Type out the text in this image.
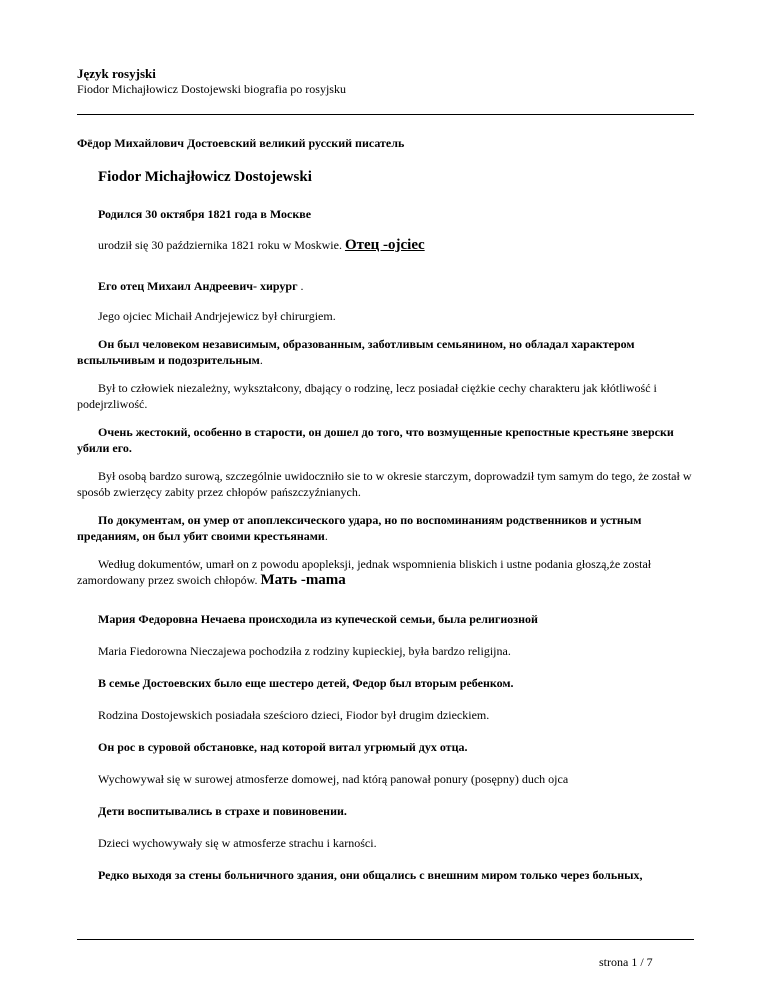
Język rosyjski
Fiodor Michajłowicz Dostojewski biografia po rosyjsku

Фёдор Михайлович Достоевский великий русский писатель

Fiodor Michajłowicz Dostojewski

Родился 30 октября 1821 года в Москве

urodził się 30 października 1821 roku w Moskwie. Отец -ojciec

Его отец Михаил Андреевич- хирург .

Jego ojciec Michaił Andrjejewicz był chirurgiem.

Он был человеком независимым, образованным, заботливым семьянином, но обладал характером вспыльчивым и подозрительным.

Był to człowiek niezależny, wykształcony, dbający o rodzinę, lecz posiadał ciężkie cechy charakteru jak kłótliwość i podejrzliwość.

Очень жестокий, особенно в старости, он дошел до того, что возмущенные крепостные крестьяне зверски убили его.

Był osobą bardzo surową, szczególnie uwidoczniło sie to w okresie starczym, doprowadził tym samym do tego, że został w sposób zwierzęcy zabity przez chłopów pańszczyźnianych.

По документам, он умер от апоплексического удара, но по воспоминаниям родственников и устным преданиям, он был убит своими крестьянами.

Według dokumentów, umarł on z powodu apopleksji, jednak wspomnienia bliskich i ustne podania głoszą,że został zamordowany przez swoich chłopów. Мать -mama

Мария Федоровна Нечаева происходила из купеческой семьи, была религиозной

Maria Fiedorowna Nieczajewa pochodziła z rodziny kupieckiej, była bardzo religijna.

В семье Достоевских было еще шестеро детей, Федор был вторым ребенком.

Rodzina Dostojewskich posiadała sześcioro dzieci, Fiodor był drugim dzieckiem.

Он рос в суровой обстановке, над которой витал угрюмый дух отца.

Wychowywał się w surowej atmosferze domowej, nad którą panował ponury (posępny) duch ojca

Дети воспитывались в страхе и повиновении.

Dzieci wychowywały się w atmosferze strachu i karności.

Редко выходя за стены больничного здания, они общались с внешним миром только через больных,

strona 1 / 7
